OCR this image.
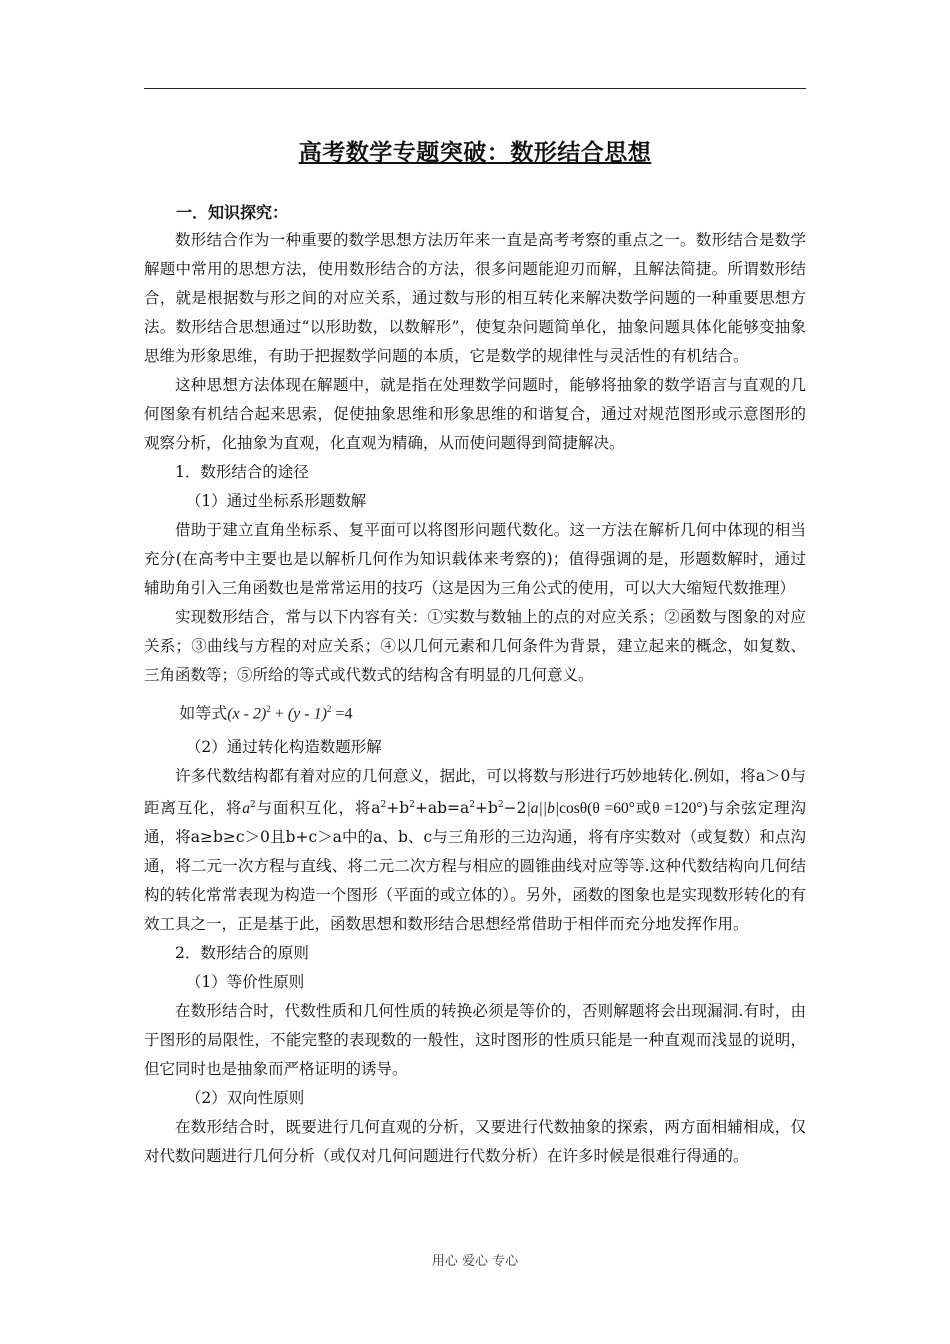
高考数学专题突破：数形结合思想
一．知识探究：

数形结合作为一种重要的数学思想方法历年来一直是高考考察的重点之一。数形结合是数学解题中常用的思想方法，使用数形结合的方法，很多问题能迎刃而解，且解法简捷。所谓数形结合，就是根据数与形之间的对应关系，通过数与形的相互转化来解决数学问题的一种重要思想方法。数形结合思想通过“以形助数，以数解形”，使复杂问题简单化，抽象问题具体化能够变抽象思维为形象思维，有助于把握数学问题的本质，它是数学的规律性与灵活性的有机结合。

这种思想方法体现在解题中，就是指在处理数学问题时，能够将抽象的数学语言与直观的几何图象有机结合起来思索，促使抽象思维和形象思维的和谐复合，通过对规范图形或示意图形的观察分析，化抽象为直观，化直观为精确，从而使问题得到简捷解决。

1．数形结合的途径

（1）通过坐标系形题数解

借助于建立直角坐标系、复平面可以将图形问题代数化。这一方法在解析几何中体现的相当充分(在高考中主要也是以解析几何作为知识载体来考察的)；值得强调的是，形题数解时，通过辅助角引入三角函数也是常常运用的技巧（这是因为三角公式的使用，可以大大缩短代数推理）

实现数形结合，常与以下内容有关：①实数与数轴上的点的对应关系；②函数与图象的对应关系；③曲线与方程的对应关系；④以几何元素和几何条件为背景，建立起来的概念，如复数、三角函数等；⑤所给的等式或代数式的结构含有明显的几何意义。

如等式(x - 2)$^2$ + (y - 1)$^2$ =4

（2）通过转化构造数题形解

许多代数结构都有着对应的几何意义，据此，可以将数与形进行巧妙地转化.例如，将a＞0与距离互化，将$a^2$与面积互化，将$a^2+b^2+ab=a^2+b^2-2|a||b|\cos\theta(\theta =60^\circ$或θ =120°)与余弦定理沟通，将a≥b≥c＞0且b+c＞a中的a、b、c与三角形的三边沟通，将有序实数对（或复数）和点沟通，将二元一次方程与直线、将二元二次方程与相应的圆锥曲线对应等等.这种代数结构向几何结构的转化常常表现为构造一个图形（平面的或立体的）。另外，函数的图象也是实现数形转化的有效工具之一，正是基于此，函数思想和数形结合思想经常借助于相伴而充分地发挥作用。

2．数形结合的原则

（1）等价性原则

在数形结合时，代数性质和几何性质的转换必须是等价的，否则解题将会出现漏洞.有时，由于图形的局限性，不能完整的表现数的一般性，这时图形的性质只能是一种直观而浅显的说明，但它同时也是抽象而严格证明的诱导。

（2）双向性原则

在数形结合时，既要进行几何直观的分析，又要进行代数抽象的探索，两方面相辅相成，仅对代数问题进行几何分析（或仅对几何问题进行代数分析）在许多时候是很难行得通的。

用心 爱心 专心
